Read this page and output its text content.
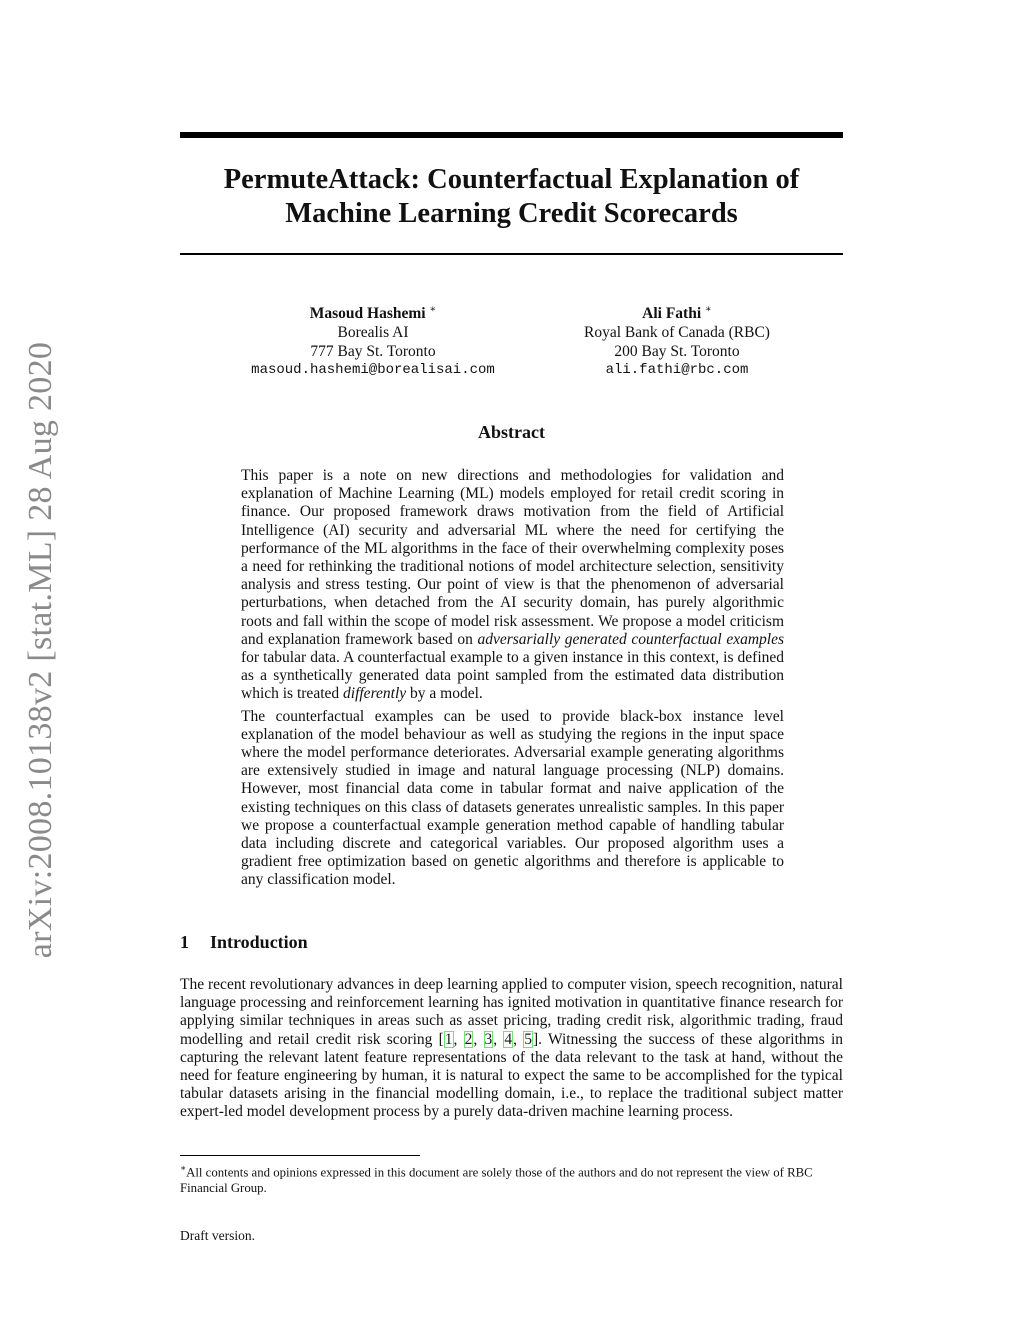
arXiv:2008.10138v2 [stat.ML] 28 Aug 2020
PermuteAttack: Counterfactual Explanation of
Machine Learning Credit Scorecards
Masoud Hashemi ∗
Borealis AI
777 Bay St. Toronto
masoud.hashemi@borealisai.com
Ali Fathi ∗
Royal Bank of Canada (RBC)
200 Bay St. Toronto
ali.fathi@rbc.com
Abstract

This paper is a note on new directions and methodologies for validation and explanation of Machine Learning (ML) models employed for retail credit scoring in finance. Our proposed framework draws motivation from the field of Artificial Intelligence (AI) security and adversarial ML where the need for certifying the performance of the ML algorithms in the face of their overwhelming complexity poses a need for rethinking the traditional notions of model architecture selection, sensitivity analysis and stress testing. Our point of view is that the phenomenon of adversarial perturbations, when detached from the AI security domain, has purely algorithmic roots and fall within the scope of model risk assessment. We propose a model criticism and explanation framework based on adversarially generated counterfactual examples for tabular data. A counterfactual example to a given instance in this context, is defined as a synthetically generated data point sampled from the estimated data distribution which is treated differently by a model.

The counterfactual examples can be used to provide black-box instance level explanation of the model behaviour as well as studying the regions in the input space where the model performance deteriorates. Adversarial example generating algorithms are extensively studied in image and natural language processing (NLP) domains. However, most financial data come in tabular format and naive application of the existing techniques on this class of datasets generates unrealistic samples. In this paper we propose a counterfactual example generation method capable of handling tabular data including discrete and categorical variables. Our proposed algorithm uses a gradient free optimization based on genetic algorithms and therefore is applicable to any classification model.

1 Introduction

The recent revolutionary advances in deep learning applied to computer vision, speech recognition, natural language processing and reinforcement learning has ignited motivation in quantitative finance research for applying similar techniques in areas such as asset pricing, trading credit risk, algorithmic trading, fraud modelling and retail credit risk scoring [1, 2, 3, 4, 5]. Witnessing the success of these algorithms in capturing the relevant latent feature representations of the data relevant to the task at hand, without the need for feature engineering by human, it is natural to expect the same to be accomplished for the typical tabular datasets arising in the financial modelling domain, i.e., to replace the traditional subject matter expert-led model development process by a purely data-driven machine learning process.

∗All contents and opinions expressed in this document are solely those of the authors and do not represent the view of RBC Financial Group.

Draft version.
